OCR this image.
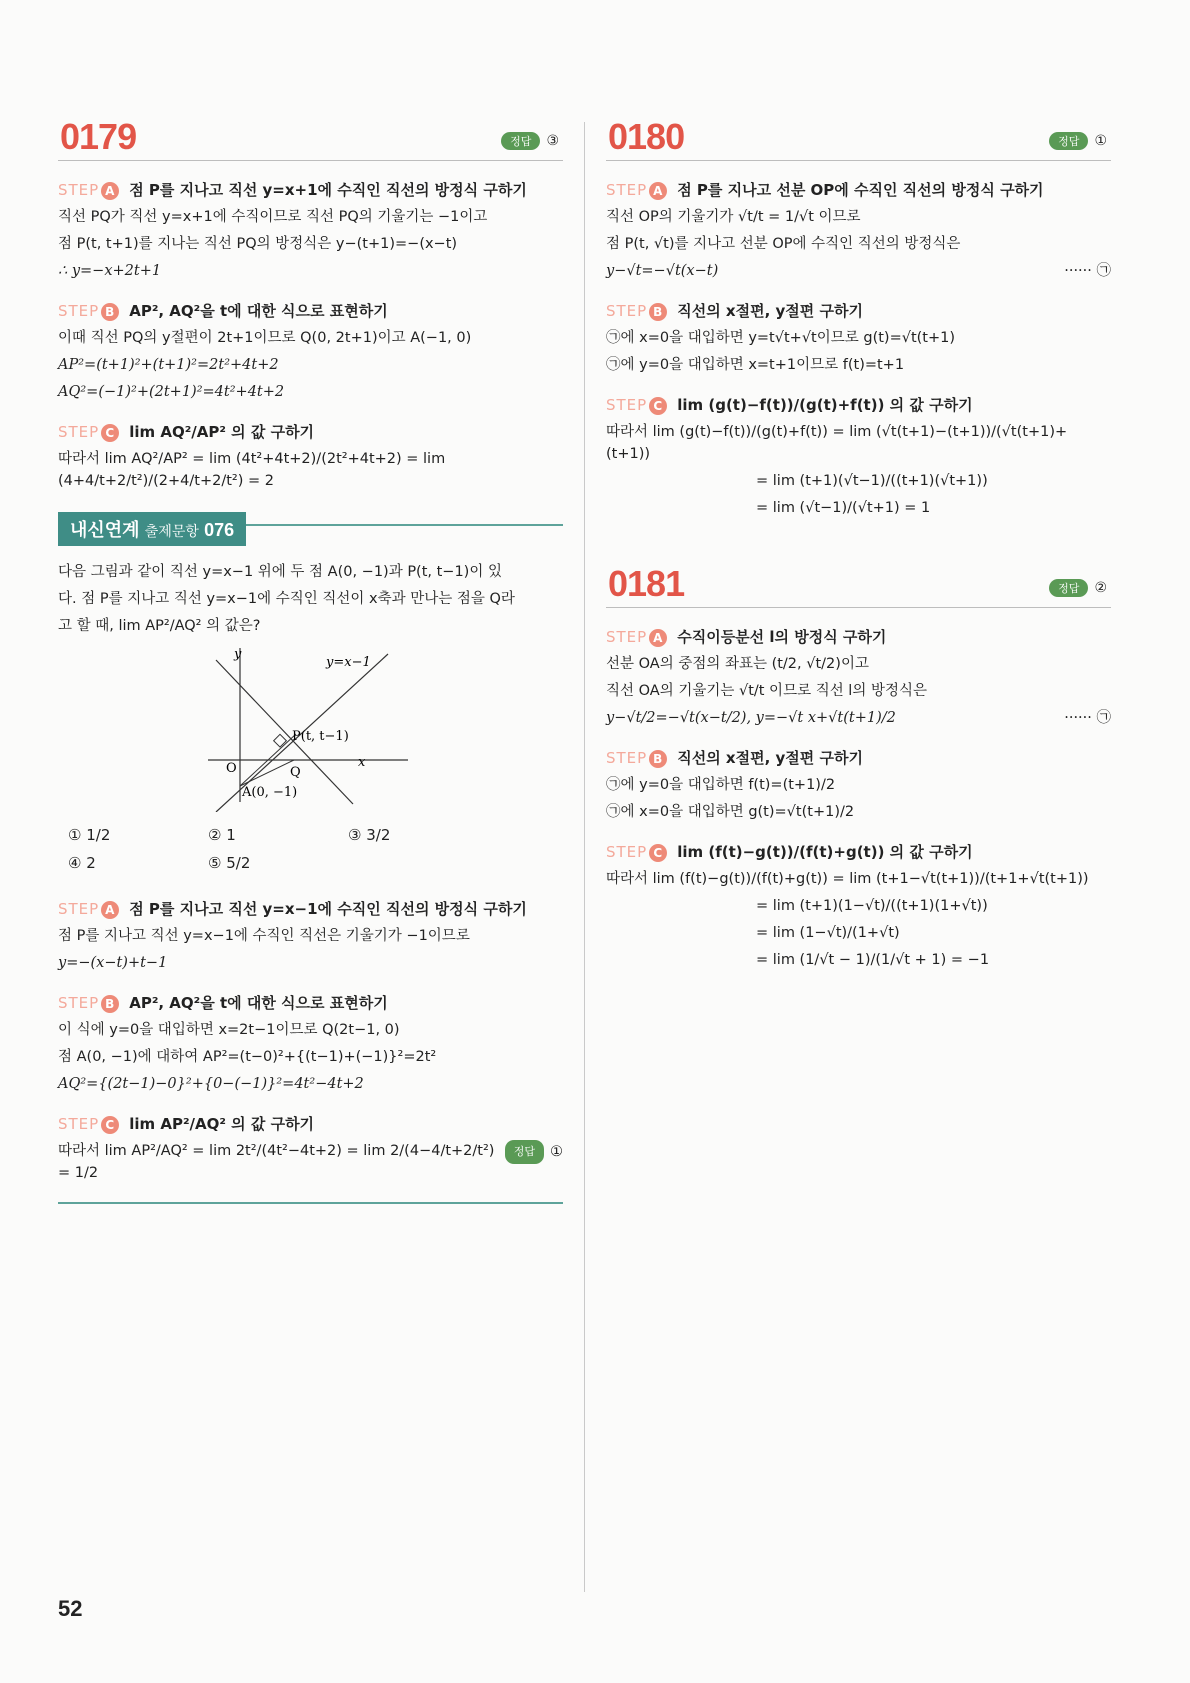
0179	정답 ③
STEP A 점 P를 지나고 직선 y=x+1에 수직인 직선의 방정식 구하기

직선 PQ가 직선 y=x+1에 수직이므로 직선 PQ의 기울기는 −1이고

점 P(t, t+1)를 지나는 직선 PQ의 방정식은 y−(t+1)=−(x−t)

∴ y=−x+2t+1

STEP B AP², AQ²을 t에 대한 식으로 표현하기

이때 직선 PQ의 y절편이 2t+1이므로 Q(0, 2t+1)이고 A(−1, 0)

AP²=(t+1)²+(t+1)²=2t²+4t+2

AQ²=(−1)²+(2t+1)²=4t²+4t+2

STEP C lim AQ²/AP² 의 값 구하기

따라서 lim AQ²/AP² = lim (4t²+4t+2)/(2t²+4t+2) = lim (4+4/t+2/t²)/(2+4/t+2/t²) = 2

내신연계 출제문항 076

다음 그림과 같이 직선 y=x−1 위에 두 점 A(0, −1)과 P(t, t−1)이 있

다. 점 P를 지나고 직선 y=x−1에 수직인 직선이 x축과 만나는 점을 Q라

고 할 때, lim AP²/AQ² 의 값은?

y
x
O
y=x−1
P(t, t−1)
Q
A(0, −1)
① 1/2	② 1	③ 3/2
④ 2	⑤ 5/2
STEP A 점 P를 지나고 직선 y=x−1에 수직인 직선의 방정식 구하기

점 P를 지나고 직선 y=x−1에 수직인 직선은 기울기가 −1이므로

y=−(x−t)+t−1

STEP B AP², AQ²을 t에 대한 식으로 표현하기

이 식에 y=0을 대입하면 x=2t−1이므로 Q(2t−1, 0)

점 A(0, −1)에 대하여 AP²=(t−0)²+{(t−1)+(−1)}²=2t²

AQ²={(2t−1)−0}²+{0−(−1)}²=4t²−4t+2

STEP C lim AP²/AQ² 의 값 구하기

따라서 lim AP²/AQ² = lim 2t²/(4t²−4t+2) = lim 2/(4−4/t+2/t²) = 1/2
정답 ①

0180	정답 ①
STEP A 점 P를 지나고 선분 OP에 수직인 직선의 방정식 구하기

직선 OP의 기울기가 √t/t = 1/√t 이므로

점 P(t, √t)를 지나고 선분 OP에 수직인 직선의 방정식은

y−√t=−√t(x−t)	······ ㉠

STEP B 직선의 x절편, y절편 구하기

㉠에 x=0을 대입하면 y=t√t+√t이므로 g(t)=√t(t+1)

㉠에 y=0을 대입하면 x=t+1이므로 f(t)=t+1

STEP C lim (g(t)−f(t))/(g(t)+f(t)) 의 값 구하기

따라서 lim (g(t)−f(t))/(g(t)+f(t)) = lim (√t(t+1)−(t+1))/(√t(t+1)+(t+1))

= lim (t+1)(√t−1)/((t+1)(√t+1))

= lim (√t−1)/(√t+1) = 1

0181	정답 ②
STEP A 수직이등분선 l의 방정식 구하기

선분 OA의 중점의 좌표는 (t/2, √t/2)이고

직선 OA의 기울기는 √t/t 이므로 직선 l의 방정식은

y−√t/2=−√t(x−t/2), y=−√t x+√t(t+1)/2	······ ㉠

STEP B 직선의 x절편, y절편 구하기

㉠에 y=0을 대입하면 f(t)=(t+1)/2

㉠에 x=0을 대입하면 g(t)=√t(t+1)/2

STEP C lim (f(t)−g(t))/(f(t)+g(t)) 의 값 구하기

따라서 lim (f(t)−g(t))/(f(t)+g(t)) = lim (t+1−√t(t+1))/(t+1+√t(t+1))

= lim (t+1)(1−√t)/((t+1)(1+√t))

= lim (1−√t)/(1+√t)

= lim (1/√t − 1)/(1/√t + 1) = −1

52
